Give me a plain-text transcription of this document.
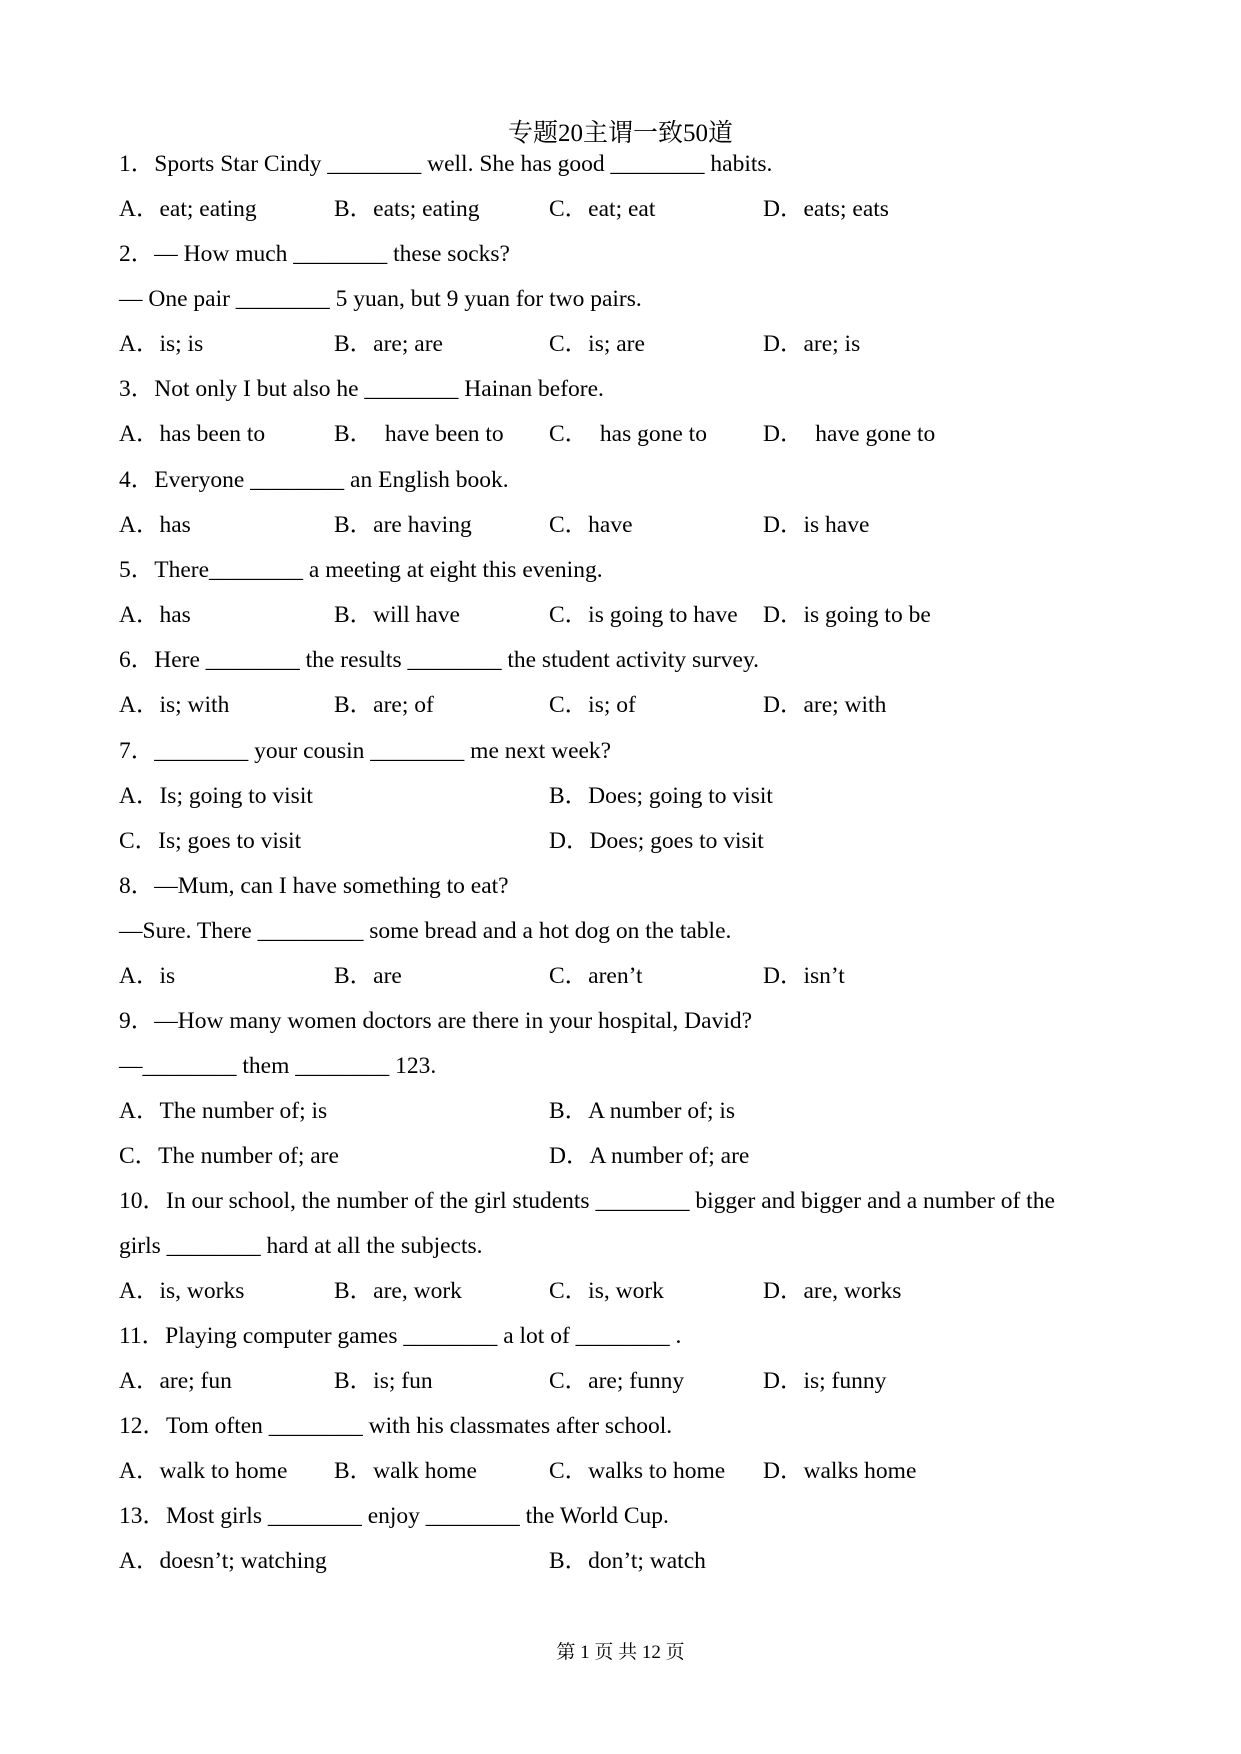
专题20主谓一致50道
1．Sports Star Cindy ________ well. She has good ________ habits.
A．eat; eating	B．eats; eating	C．eat; eat	D．eats; eats
2．— How much ________ these socks?
— One pair ________ 5 yuan, but 9 yuan for two pairs.
A．is; is	B．are; are	C．is; are	D．are; is
3．Not only I but also he ________ Hainan before.
A．has been to	B．  have been to C．  has gone to D．  have gone to
4．Everyone ________ an English book.
A．has	B．are having	C．have	D．is have
5．There________ a meeting at eight this evening.
A．has	B．will have	C．is going to have D．is going to be
6．Here ________ the results ________ the student activity survey.
A．is; with	B．are; of	C．is; of	D．are; with
7．________ your cousin ________ me next week?
A．Is; going to visit	B．Does; going to visit
C．Is; goes to visit	D．Does; goes to visit
8．—Mum, can I have something to eat?
—Sure. There _________ some bread and a hot dog on the table.
A．is	B．are	C．aren’t	D．isn’t
9．—How many women doctors are there in your hospital, David?
—________ them ________ 123.
A．The number of; is	B．A number of; is
C．The number of; are	D．A number of; are
10．In our school, the number of the girl students ________ bigger and bigger and a number of the
girls ________ hard at all the subjects.
A．is, works	B．are, work	C．is, work	D．are, works
11．Playing computer games ________ a lot of ________ .
A．are; fun	B．is; fun	C．are; funny	D．is; funny
12．Tom often ________ with his classmates after school.
A．walk to home B．walk home	C．walks to home D．walks home
13．Most girls ________ enjoy ________ the World Cup.
A．doesn’t; watching	B．don’t; watch
第 1 页 共 12 页
